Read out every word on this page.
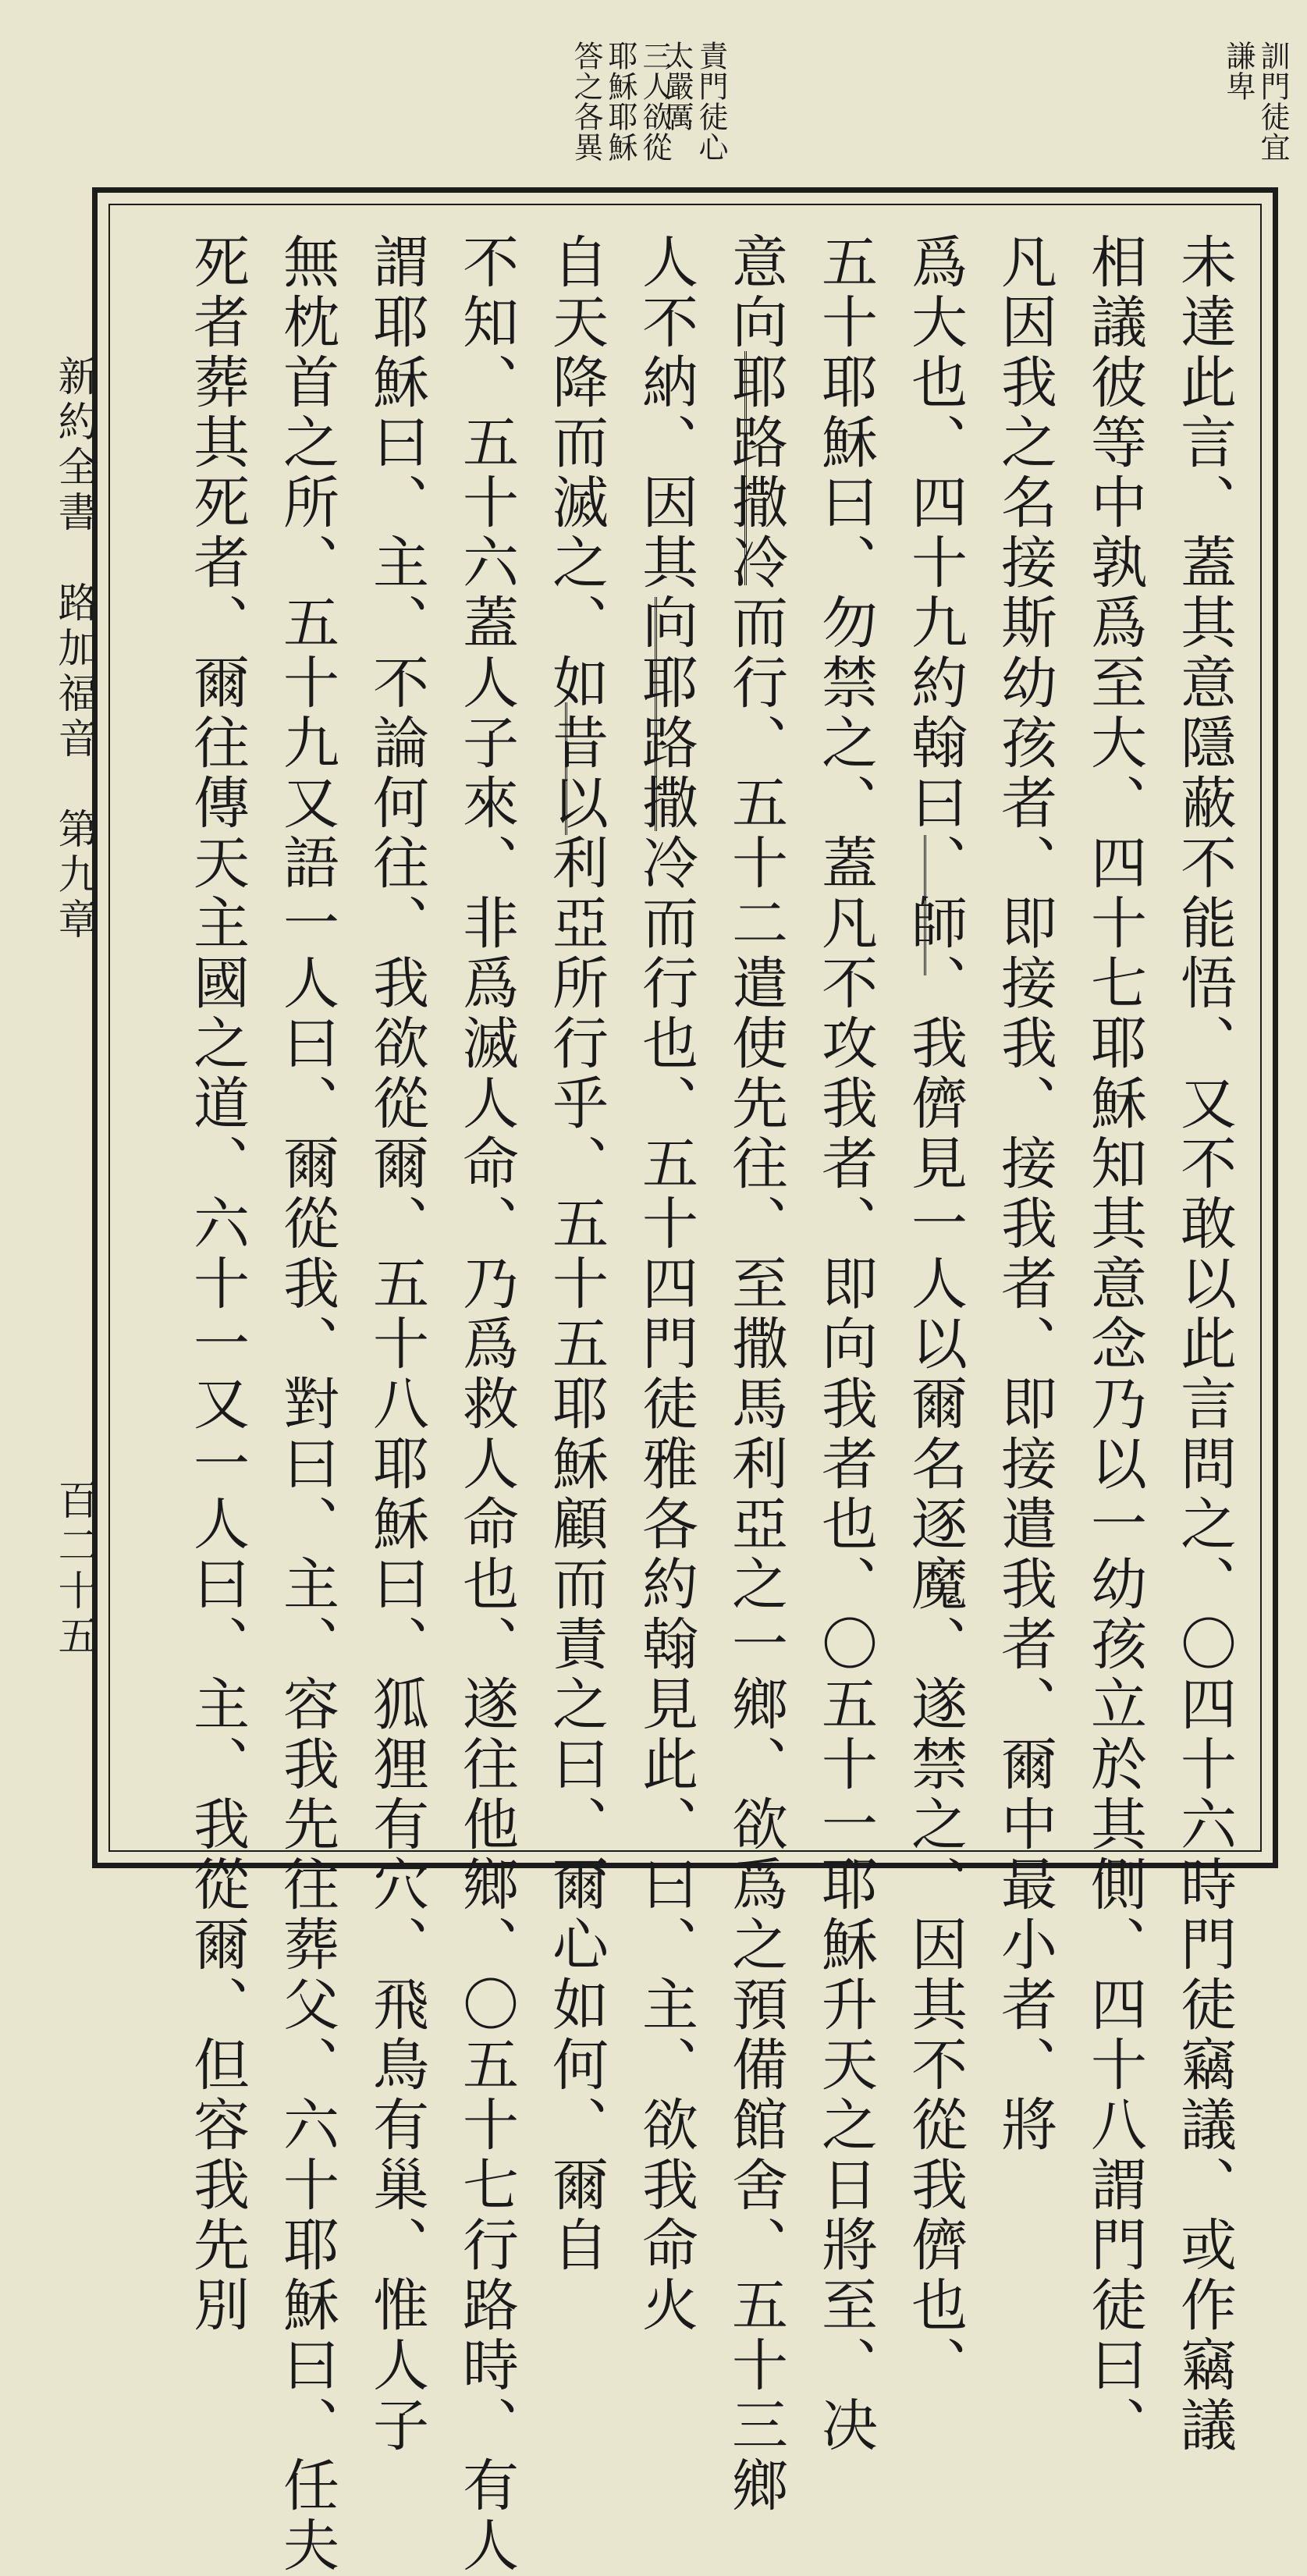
訓門徒宜
謙卑
責門徒心
太嚴厲
三人欲從
耶穌耶穌
答之各異
未達此言、蓋其意隱蔽不能悟、又不敢以此言問之、〇四十六時門徒竊議、或作竊議
相議彼等中孰爲至大、四十七耶穌知其意念乃以一幼孩立於其側、四十八謂門徒曰、
凡因我之名接斯幼孩者、即接我、接我者、即接遣我者、爾中最小者、將
爲大也、四十九約翰曰、師、我儕見一人以爾名逐魔、遂禁之、因其不從我儕也、
五十耶穌曰、勿禁之、蓋凡不攻我者、即向我者也、〇五十一耶穌升天之日將至、决
意向耶路撒冷而行、五十二遣使先往、至撒馬利亞之一鄉、欲爲之預備館舍、五十三鄉
人不納、因其向耶路撒冷而行也、五十四門徒雅各約翰見此、曰、主、欲我命火
自天降而滅之、如昔以利亞所行乎、五十五耶穌顧而責之曰、爾心如何、爾自
不知、五十六蓋人子來、非爲滅人命、乃爲救人命也、遂往他鄉、〇五十七行路時、有人
謂耶穌曰、主、不論何往、我欲從爾、五十八耶穌曰、狐狸有穴、飛鳥有巢、惟人子
無枕首之所、五十九又語一人曰、爾從我、對曰、主、容我先往葬父、六十耶穌曰、任夫
死者葬其死者、爾往傳天主國之道、六十一又一人曰、主、我從爾、但容我先別
新約全書　路加福音　第九章
百二十五
